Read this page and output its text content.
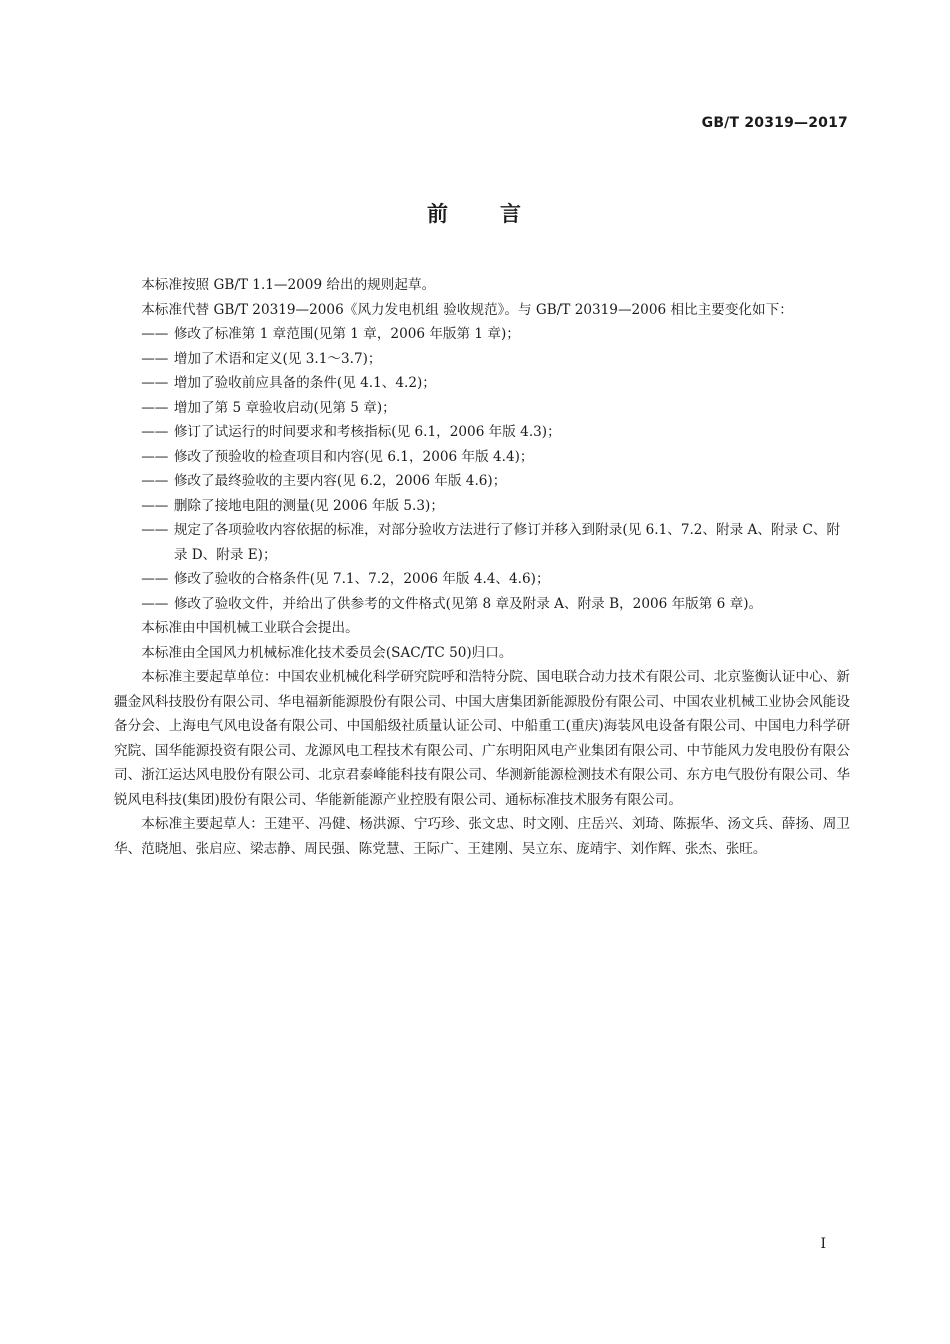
GB/T 20319—2017
前 言

本标准按照 GB/T 1.1—2009 给出的规则起草。

本标准代替 GB/T 20319—2006《风力发电机组 验收规范》。与 GB/T 20319—2006 相比主要变化如下：

—— 修改了标准第 1 章范围(见第 1 章，2006 年版第 1 章)；
—— 增加了术语和定义(见 3.1～3.7)；
—— 增加了验收前应具备的条件(见 4.1、4.2)；
—— 增加了第 5 章验收启动(见第 5 章)；
—— 修订了试运行的时间要求和考核指标(见 6.1，2006 年版 4.3)；
—— 修改了预验收的检查项目和内容(见 6.1，2006 年版 4.4)；
—— 修改了最终验收的主要内容(见 6.2，2006 年版 4.6)；
—— 删除了接地电阻的测量(见 2006 年版 5.3)；
—— 规定了各项验收内容依据的标准，对部分验收方法进行了修订并移入到附录(见 6.1、7.2、附录 A、附录 C、附录 D、附录 E)；
—— 修改了验收的合格条件(见 7.1、7.2，2006 年版 4.4、4.6)；
—— 修改了验收文件，并给出了供参考的文件格式(见第 8 章及附录 A、附录 B，2006 年版第 6 章)。

本标准由中国机械工业联合会提出。

本标准由全国风力机械标准化技术委员会(SAC/TC 50)归口。

本标准主要起草单位：中国农业机械化科学研究院呼和浩特分院、国电联合动力技术有限公司、北京鉴衡认证中心、新疆金风科技股份有限公司、华电福新能源股份有限公司、中国大唐集团新能源股份有限公司、中国农业机械工业协会风能设备分会、上海电气风电设备有限公司、中国船级社质量认证公司、中船重工(重庆)海装风电设备有限公司、中国电力科学研究院、国华能源投资有限公司、龙源风电工程技术有限公司、广东明阳风电产业集团有限公司、中节能风力发电股份有限公司、浙江运达风电股份有限公司、北京君泰峰能科技有限公司、华测新能源检测技术有限公司、东方电气股份有限公司、华锐风电科技(集团)股份有限公司、华能新能源产业控股有限公司、通标标准技术服务有限公司。

本标准主要起草人：王建平、冯健、杨洪源、宁巧珍、张文忠、时文刚、庄岳兴、刘琦、陈振华、汤文兵、薛扬、周卫华、范晓旭、张启应、梁志静、周民强、陈党慧、王际广、王建刚、吴立东、庞靖宇、刘作辉、张杰、张旺。

I
